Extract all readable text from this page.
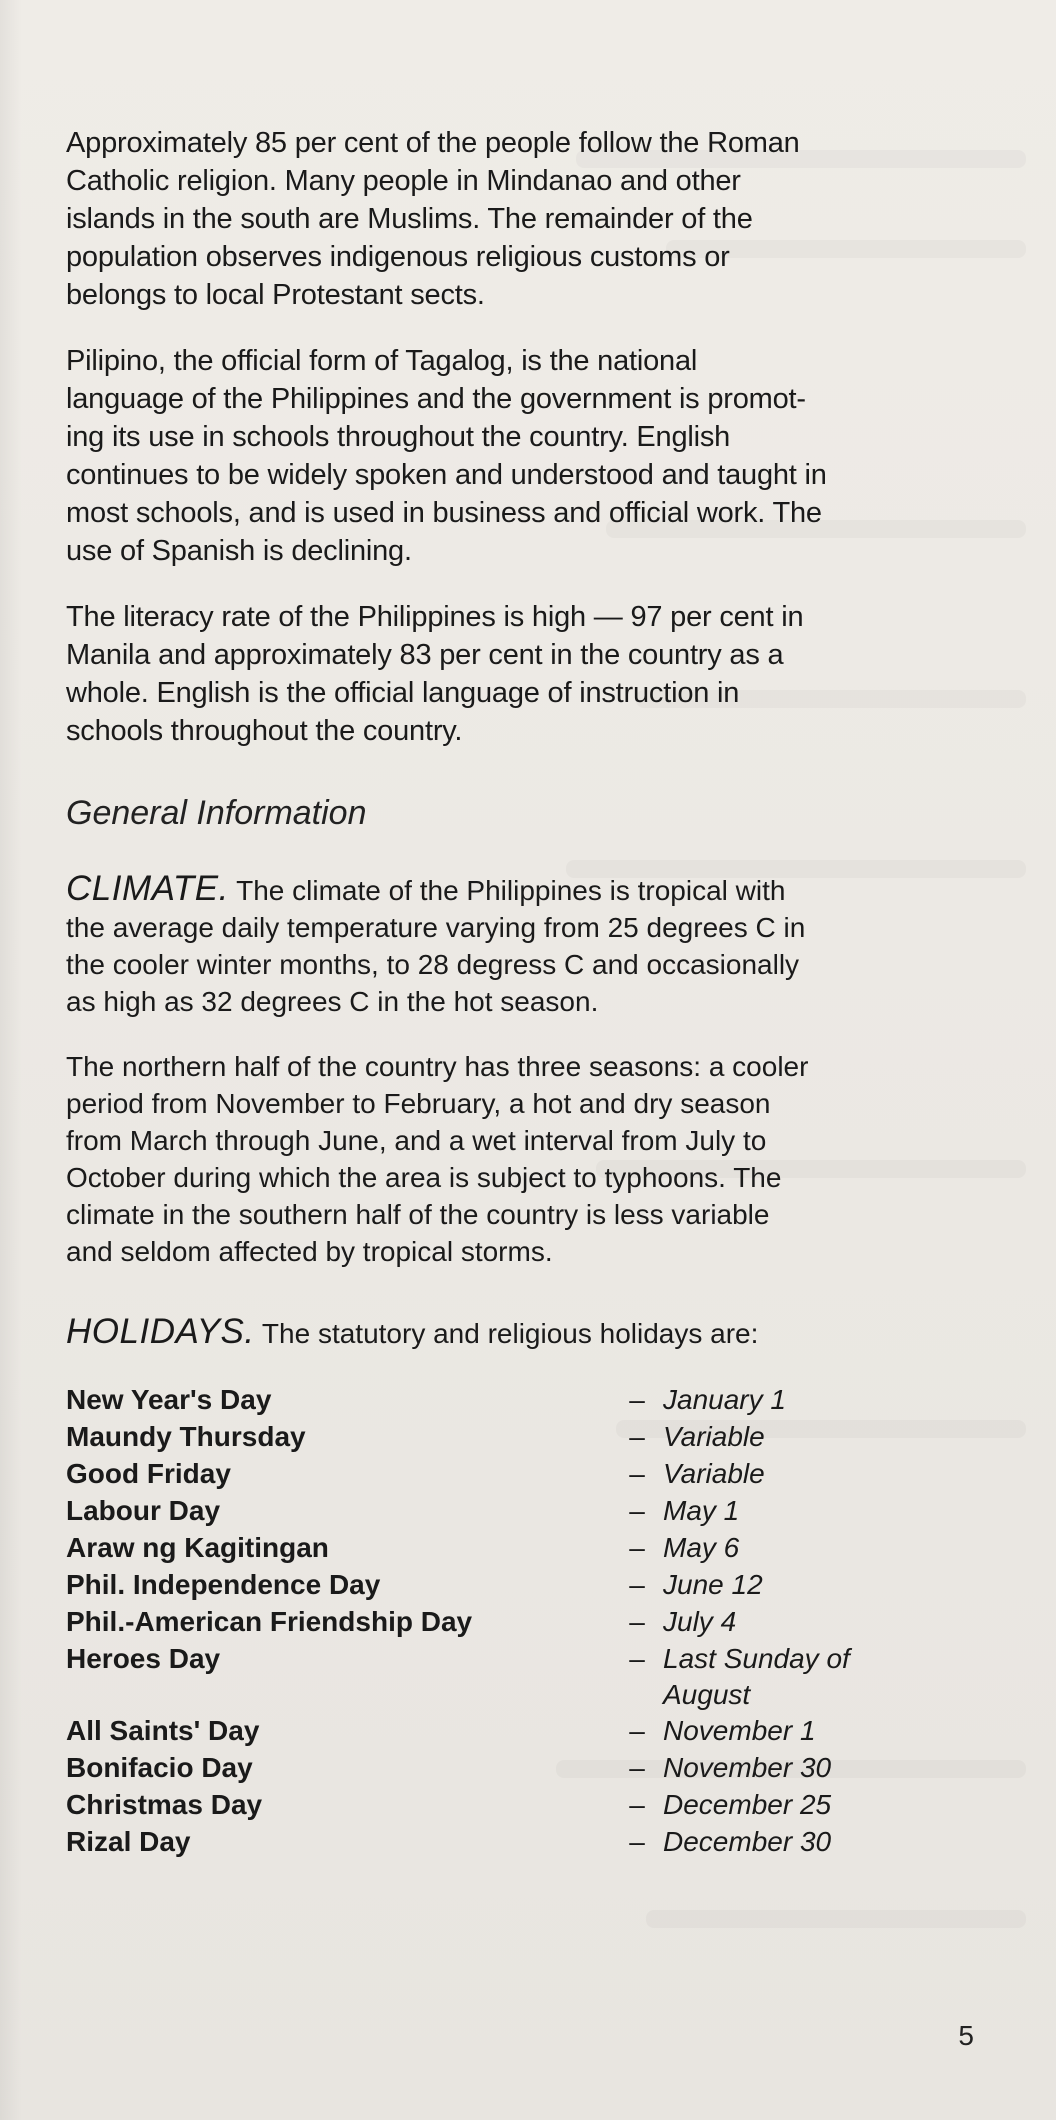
Approximately 85 per cent of the people follow the Roman
Catholic religion. Many people in Mindanao and other
islands in the south are Muslims. The remainder of the
population observes indigenous religious customs or
belongs to local Protestant sects.

Pilipino, the official form of Tagalog, is the national
language of the Philippines and the government is promot-
ing its use in schools throughout the country. English
continues to be widely spoken and understood and taught in
most schools, and is used in business and official work. The
use of Spanish is declining.

The literacy rate of the Philippines is high — 97 per cent in
Manila and approximately 83 per cent in the country as a
whole. English is the official language of instruction in
schools throughout the country.

General Information

CLIMATE. The climate of the Philippines is tropical with
the average daily temperature varying from 25 degrees C in
the cooler winter months, to 28 degress C and occasionally
as high as 32 degrees C in the hot season.

The northern half of the country has three seasons: a cooler
period from November to February, a hot and dry season
from March through June, and a wet interval from July to
October during which the area is subject to typhoons. The
climate in the southern half of the country is less variable
and seldom affected by tropical storms.

HOLIDAYS. The statutory and religious holidays are:
New Year's Day	– January 1
Maundy Thursday	– Variable
Good Friday	– Variable
Labour Day	– May 1
Araw ng Kagitingan	– May 6
Phil. Independence Day	– June 12
Phil.-American Friendship Day	– July 4
Heroes Day	– Last Sunday of
August
All Saints' Day	– November 1
Bonifacio Day	– November 30
Christmas Day	– December 25
Rizal Day	– December 30
5
